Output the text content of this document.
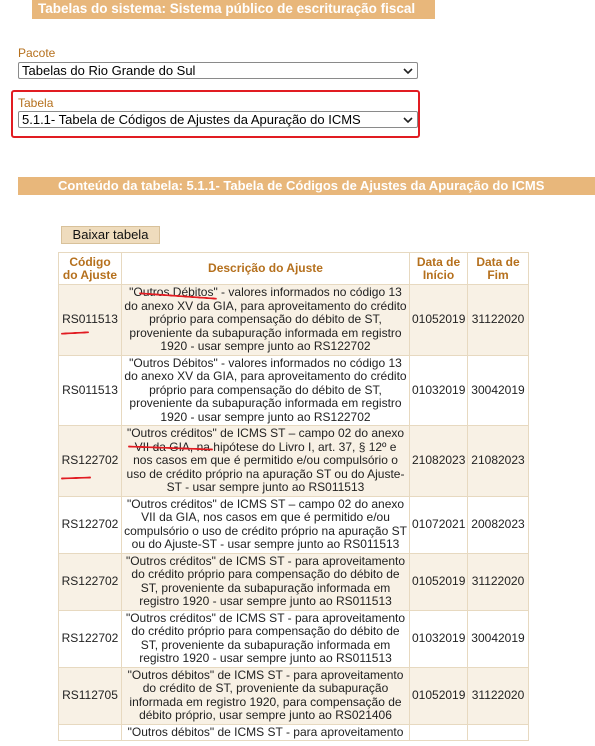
Tabelas do sistema: Sistema público de escrituração fiscal
Pacote
Tabelas do Rio Grande do Sul
Tabela
5.1.1- Tabela de Códigos de Ajustes da Apuração do ICMS
Conteúdo da tabela: 5.1.1- Tabela de Códigos de Ajustes da Apuração do ICMS
Baixar tabela
Código do Ajuste	Descrição do Ajuste	Data de Início	Data de Fim
RS011513	"Outros Débitos" - valores informados no código 13 do anexo XV da GIA, para aproveitamento do crédito próprio para compensação do débito de ST, proveniente da subapuração informada em registro 1920 - usar sempre junto ao RS122702	01052019	31122020
RS011513	"Outros Débitos" - valores informados no código 13 do anexo XV da GIA, para aproveitamento do crédito próprio para compensação do débito de ST, proveniente da subapuração informada em registro 1920 - usar sempre junto ao RS122702	01032019	30042019
RS122702	"Outros créditos" de ICMS ST – campo 02 do anexo VII da GIA, na hipótese do Livro I, art. 37, § 12º e nos casos em que é permitido e/ou compulsório o uso de crédito próprio na apuração ST ou do Ajuste-ST - usar sempre junto ao RS011513	21082023	21082023
RS122702	"Outros créditos" de ICMS ST – campo 02 do anexo VII da GIA, nos casos em que é permitido e/ou compulsório o uso de crédito próprio na apuração ST ou do Ajuste-ST - usar sempre junto ao RS011513	01072021	20082023
RS122702	"Outros créditos" de ICMS ST - para aproveitamento do crédito próprio para compensação do débito de ST, proveniente da subapuração informada em registro 1920 - usar sempre junto ao RS011513	01052019	31122020
RS122702	"Outros créditos" de ICMS ST - para aproveitamento do crédito próprio para compensação do débito de ST, proveniente da subapuração informada em registro 1920 - usar sempre junto ao RS011513	01032019	30042019
RS112705	"Outros débitos" de ICMS ST - para aproveitamento do crédito de ST, proveniente da subapuração informada em registro 1920, para compensação de débito próprio, usar sempre junto ao RS021406	01052019	31122020
	"Outros débitos" de ICMS ST - para aproveitamento		
